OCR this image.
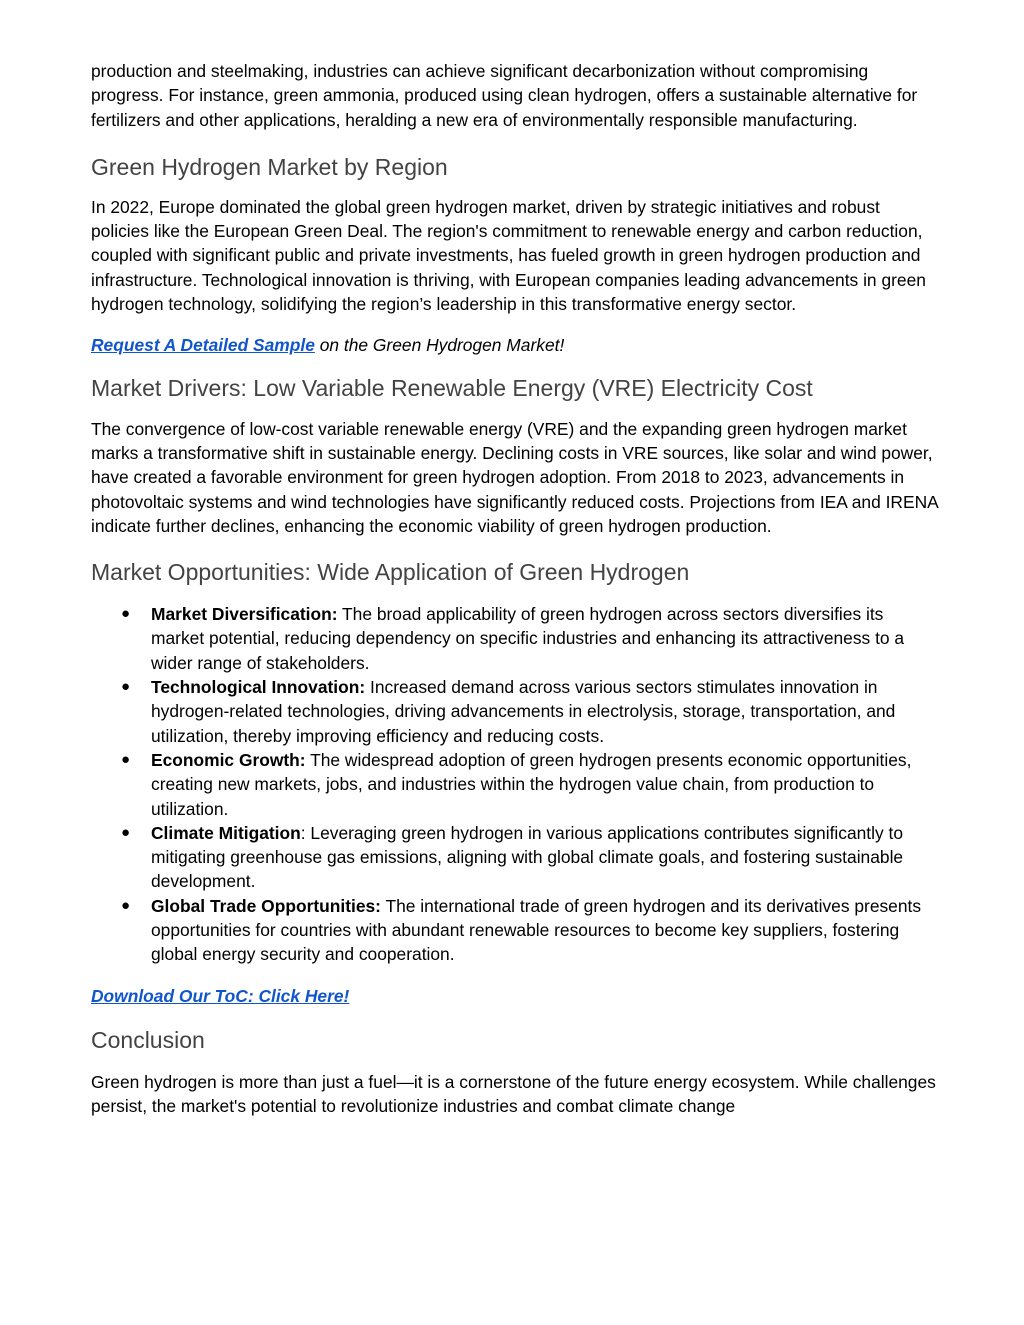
production and steelmaking, industries can achieve significant decarbonization without compromising progress. For instance, green ammonia, produced using clean hydrogen, offers a sustainable alternative for fertilizers and other applications, heralding a new era of environmentally responsible manufacturing.

Green Hydrogen Market by Region

In 2022, Europe dominated the global green hydrogen market, driven by strategic initiatives and robust policies like the European Green Deal. The region's commitment to renewable energy and carbon reduction, coupled with significant public and private investments, has fueled growth in green hydrogen production and infrastructure. Technological innovation is thriving, with European companies leading advancements in green hydrogen technology, solidifying the region’s leadership in this transformative energy sector.

Request A Detailed Sample on the Green Hydrogen Market!

Market Drivers: Low Variable Renewable Energy (VRE) Electricity Cost

The convergence of low-cost variable renewable energy (VRE) and the expanding green hydrogen market marks a transformative shift in sustainable energy. Declining costs in VRE sources, like solar and wind power, have created a favorable environment for green hydrogen adoption. From 2018 to 2023, advancements in photovoltaic systems and wind technologies have significantly reduced costs. Projections from IEA and IRENA indicate further declines, enhancing the economic viability of green hydrogen production.

Market Opportunities: Wide Application of Green Hydrogen
● Market Diversification: The broad applicability of green hydrogen across sectors diversifies its market potential, reducing dependency on specific industries and enhancing its attractiveness to a wider range of stakeholders.
● Technological Innovation: Increased demand across various sectors stimulates innovation in hydrogen-related technologies, driving advancements in electrolysis, storage, transportation, and utilization, thereby improving efficiency and reducing costs.
● Economic Growth: The widespread adoption of green hydrogen presents economic opportunities, creating new markets, jobs, and industries within the hydrogen value chain, from production to utilization.
● Climate Mitigation: Leveraging green hydrogen in various applications contributes significantly to mitigating greenhouse gas emissions, aligning with global climate goals, and fostering sustainable development.
● Global Trade Opportunities: The international trade of green hydrogen and its derivatives presents opportunities for countries with abundant renewable resources to become key suppliers, fostering global energy security and cooperation.

Download Our ToC: Click Here!

Conclusion

Green hydrogen is more than just a fuel—it is a cornerstone of the future energy ecosystem. While challenges persist, the market's potential to revolutionize industries and combat climate change
